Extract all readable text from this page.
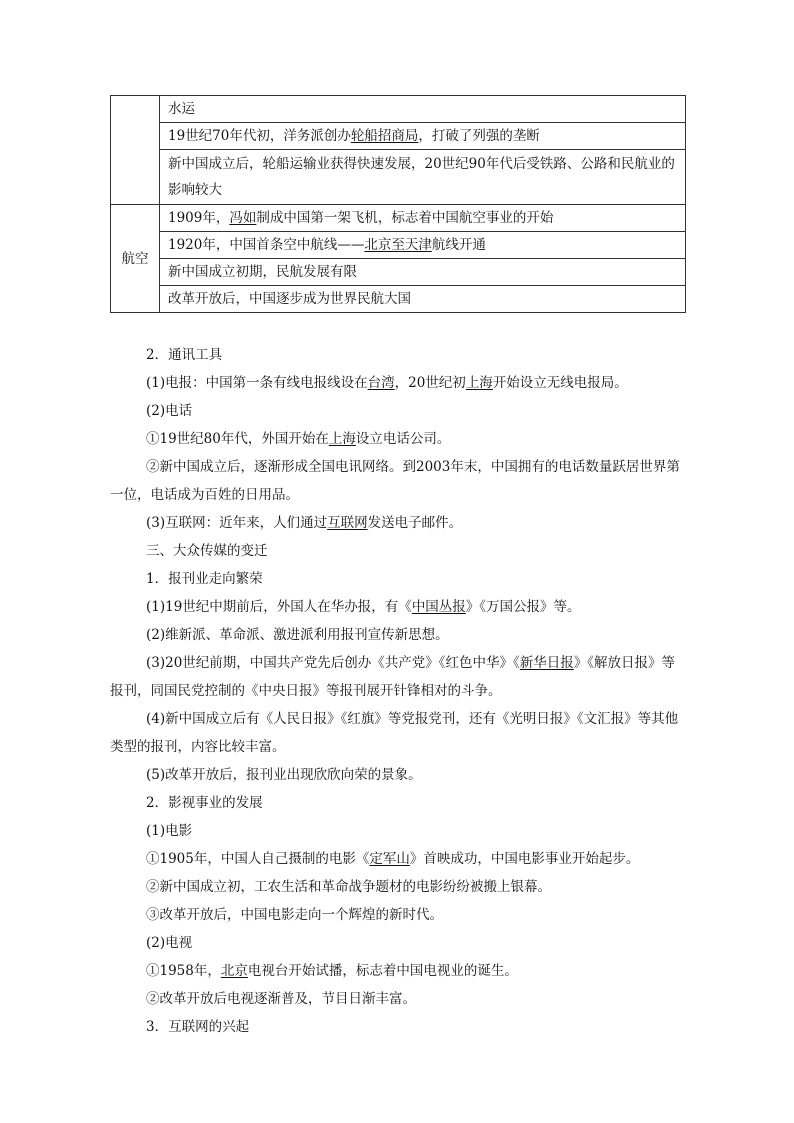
	水运
	19世纪70年代初，洋务派创办轮船招商局，打破了列强的垄断
	新中国成立后，轮船运输业获得快速发展，20世纪90年代后受铁路、公路和民航业的影响较大
航空	1909年，冯如制成中国第一架飞机，标志着中国航空事业的开始
	1920年，中国首条空中航线——北京至天津航线开通
	新中国成立初期，民航发展有限
	改革开放后，中国逐步成为世界民航大国

2．通讯工具

(1)电报：中国第一条有线电报线设在台湾，20世纪初上海开始设立无线电报局。

(2)电话

①19世纪80年代，外国开始在上海设立电话公司。

②新中国成立后，逐渐形成全国电讯网络。到2003年末，中国拥有的电话数量跃居世界第一位，电话成为百姓的日用品。

(3)互联网：近年来，人们通过互联网发送电子邮件。

三、大众传媒的变迁

1．报刊业走向繁荣

(1)19世纪中期前后，外国人在华办报，有《中国丛报》《万国公报》等。

(2)维新派、革命派、激进派利用报刊宣传新思想。

(3)20世纪前期，中国共产党先后创办《共产党》《红色中华》《新华日报》《解放日报》等报刊，同国民党控制的《中央日报》等报刊展开针锋相对的斗争。

(4)新中国成立后有《人民日报》《红旗》等党报党刊，还有《光明日报》《文汇报》等其他类型的报刊，内容比较丰富。

(5)改革开放后，报刊业出现欣欣向荣的景象。

2．影视事业的发展

(1)电影

①1905年，中国人自己摄制的电影《定军山》首映成功，中国电影事业开始起步。

②新中国成立初，工农生活和革命战争题材的电影纷纷被搬上银幕。

③改革开放后，中国电影走向一个辉煌的新时代。

(2)电视

①1958年，北京电视台开始试播，标志着中国电视业的诞生。

②改革开放后电视逐渐普及，节目日渐丰富。

3．互联网的兴起
